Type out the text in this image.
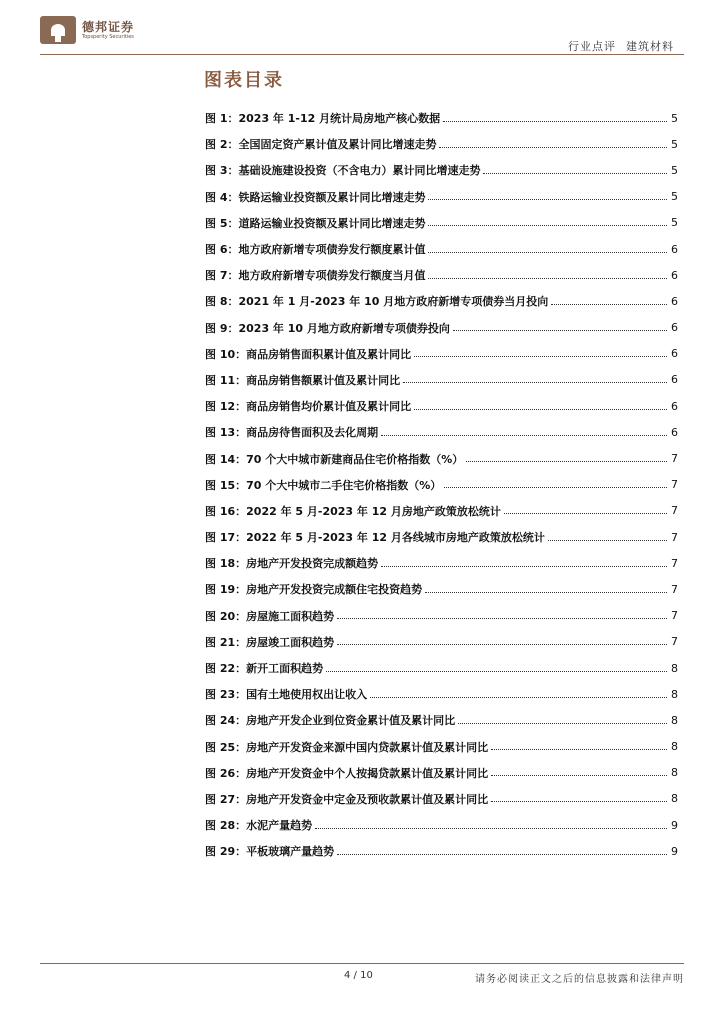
德邦证券
Topsperity Securities
行业点评 建筑材料
图表目录
图 1：2023 年 1-12 月统计局房地产核心数据	5
图 2：全国固定资产累计值及累计同比增速走势	5
图 3：基础设施建设投资（不含电力）累计同比增速走势	5
图 4：铁路运输业投资额及累计同比增速走势	5
图 5：道路运输业投资额及累计同比增速走势	5
图 6：地方政府新增专项债券发行额度累计值	6
图 7：地方政府新增专项债券发行额度当月值	6
图 8：2021 年 1 月-2023 年 10 月地方政府新增专项债券当月投向	6
图 9：2023 年 10 月地方政府新增专项债券投向	6
图 10：商品房销售面积累计值及累计同比	6
图 11：商品房销售额累计值及累计同比	6
图 12：商品房销售均价累计值及累计同比	6
图 13：商品房待售面积及去化周期	6
图 14：70 个大中城市新建商品住宅价格指数（%）	7
图 15：70 个大中城市二手住宅价格指数（%）	7
图 16：2022 年 5 月-2023 年 12 月房地产政策放松统计	7
图 17：2022 年 5 月-2023 年 12 月各线城市房地产政策放松统计	7
图 18：房地产开发投资完成额趋势	7
图 19：房地产开发投资完成额住宅投资趋势	7
图 20：房屋施工面积趋势	7
图 21：房屋竣工面积趋势	7
图 22：新开工面积趋势	8
图 23：国有土地使用权出让收入	8
图 24：房地产开发企业到位资金累计值及累计同比	8
图 25：房地产开发资金来源中国内贷款累计值及累计同比	8
图 26：房地产开发资金中个人按揭贷款累计值及累计同比	8
图 27：房地产开发资金中定金及预收款累计值及累计同比	8
图 28：水泥产量趋势	9
图 29：平板玻璃产量趋势	9
4 / 10	请务必阅读正文之后的信息披露和法律声明
